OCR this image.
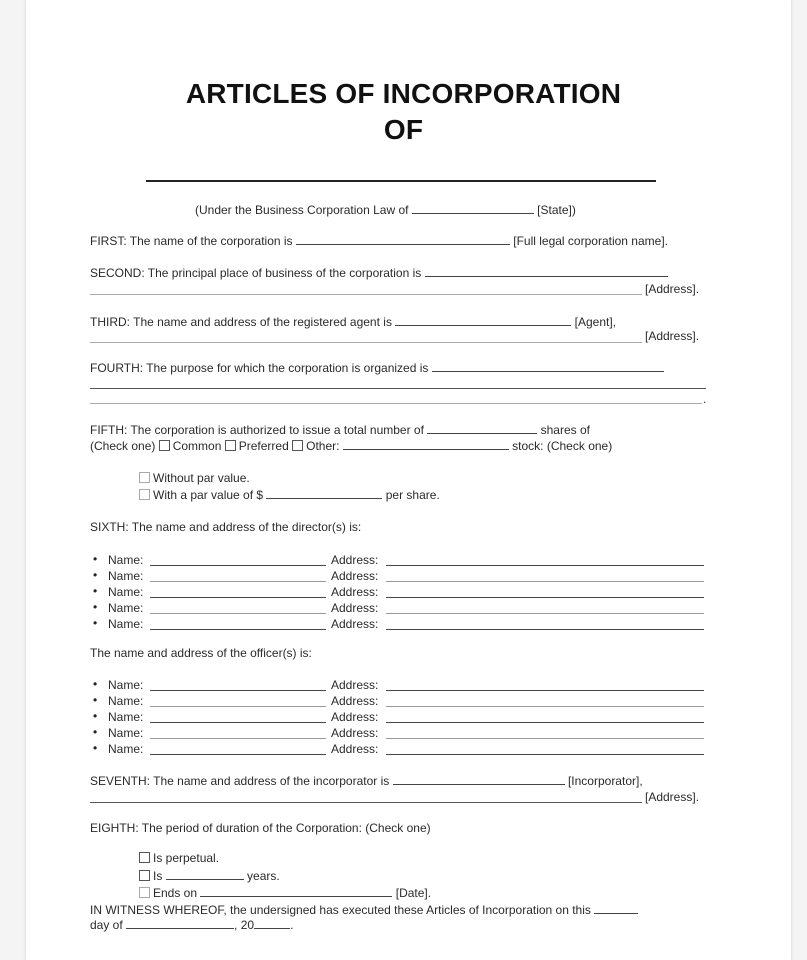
ARTICLES OF INCORPORATION
OF
(Under the Business Corporation Law of	[State])
FIRST: The name of the corporation is	[Full legal corporation name].
SECOND: The principal place of business of the corporation is
[Address].
THIRD: The name and address of the registered agent is	[Agent],
[Address].
FOURTH: The purpose for which the corporation is organized is
.
FIFTH: The corporation is authorized to issue a total number of	shares of
(Check one) Common Preferred Other:	stock: (Check one)
Without par value.
With a par value of $	per share.
SIXTH: The name and address of the director(s) is:
• Name:	Address:
• Name:	Address:
• Name:	Address:
• Name:	Address:
• Name:	Address:
The name and address of the officer(s) is:
• Name:	Address:
• Name:	Address:
• Name:	Address:
• Name:	Address:
• Name:	Address:
SEVENTH: The name and address of the incorporator is	[Incorporator],
[Address].
EIGHTH: The period of duration of the Corporation: (Check one)
Is perpetual.
Is	years.
Ends on	[Date].
IN WITNESS WHEREOF, the undersigned has executed these Articles of Incorporation on this
day of	, 20	.
